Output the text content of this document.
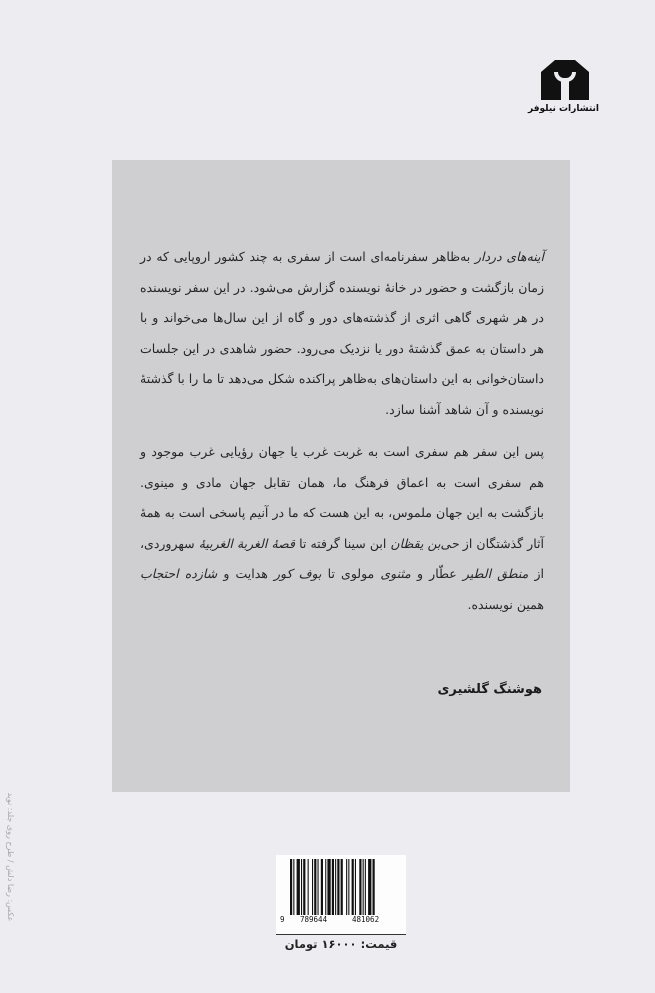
انتشارات نیلوفر

آینه‌های دردار به‌ظاهر سفرنامه‌ای است از سفری به چند کشور اروپایی که در زمان بازگشت و حضور در خانهٔ نویسنده گزارش می‌شود. در این سفر نویسنده در هر شهری گاهی اثری از گذشته‌های دور و گاه از این سال‌ها می‌خواند و با هر داستان به عمق گذشتهٔ دور یا نزدیک می‌رود. حضور شاهدی در این جلسات داستان‌خوانی به این داستان‌های به‌ظاهر پراکنده شکل می‌دهد تا ما را با گذشتهٔ نویسنده و آن شاهد آشنا سازد.

پس این سفر هم سفری است به غربت غرب یا جهان رؤیایی غرب موجود و هم سفری است به اعماق فرهنگ ما، همان تقابل جهان مادی و مینوی. بازگشت به این جهان ملموس، به این هست که ما در آنیم پاسخی است به همهٔ آثار گذشتگان از حی‌بن یقظان ابن سینا گرفته تا قصهٔ الغربة الغربیهٔ سهروردی، از منطق الطیر عطّار و مثنوی مولوی تا بوف کور هدایت و شازده احتجاب همین نویسنده.

هوشنگ گلشیری
عکس: رضا دلش / طرح روی جلد: نوید	9 789644	481062
قیمت: ۱۶۰۰۰ تومان
